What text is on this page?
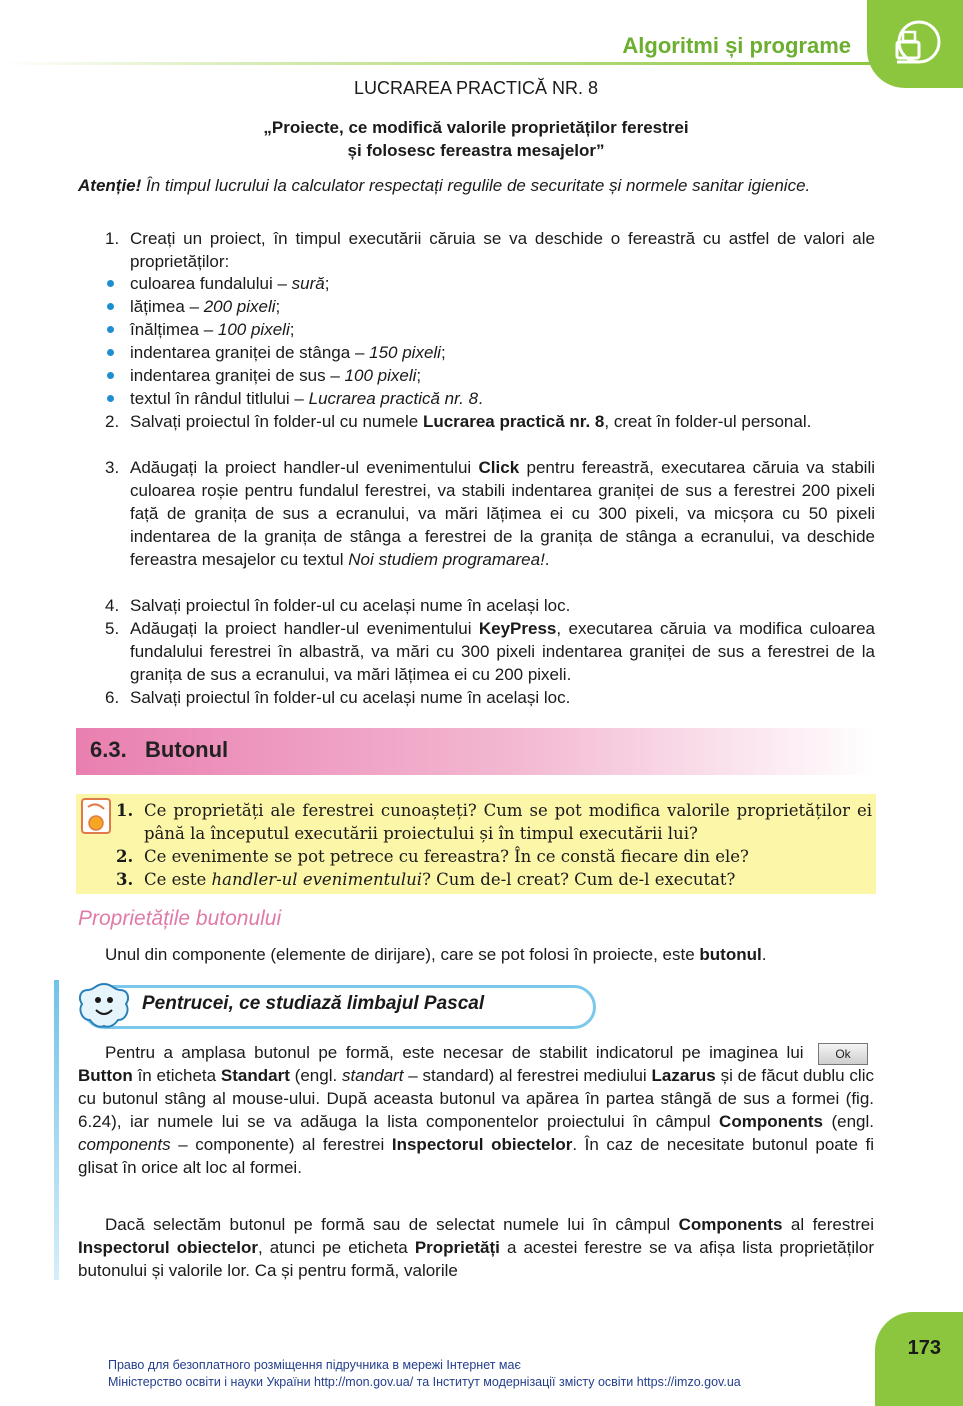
Algoritmi și programe
LUCRAREA PRACTICĂ NR. 8
„Proiecte, ce modifică valorile proprietăților ferestrei
și folosesc fereastra mesajelor”
Atenție! În timpul lucrului la calculator respectați regulile de securitate și normele sanitar igienice.
1. Creați un proiect, în timpul executării căruia se va deschide o fereastră cu astfel de valori ale proprietăților:
culoarea fundalului – sură;
lățimea – 200 pixeli;
înălțimea – 100 pixeli;
indentarea graniței de stânga – 150 pixeli;
indentarea graniței de sus – 100 pixeli;
textul în rândul titlului – Lucrarea practică nr. 8.
2. Salvați proiectul în folder-ul cu numele Lucrarea practică nr. 8, creat în folder-ul personal.
3. Adăugați la proiect handler-ul evenimentului Click pentru fereastră, executarea căruia va stabili culoarea roșie pentru fundalul ferestrei, va stabili indentarea graniței de sus a ferestrei 200 pixeli față de granița de sus a ecranului, va mări lățimea ei cu 300 pixeli, va micșora cu 50 pixeli indentarea de la granița de stânga a ferestrei de la granița de stânga a ecranului, va deschide fereastra mesajelor cu textul Noi studiem programarea!.
4. Salvați proiectul în folder-ul cu același nume în același loc.
5. Adăugați la proiect handler-ul evenimentului KeyPress, executarea căruia va modifica culoarea fundalului ferestrei în albastră, va mări cu 300 pixeli indentarea graniței de sus a ferestrei de la granița de sus a ecranului, va mări lățimea ei cu 200 pixeli.
6. Salvați proiectul în folder-ul cu același nume în același loc.
6.3. Butonul
1. Ce proprietăți ale ferestrei cunoașteți? Cum se pot modifica valorile proprietăților ei până la începutul executării proiectului și în timpul executării lui?
2. Ce evenimente se pot petrece cu fereastra? În ce constă fiecare din ele?
3. Ce este handler-ul evenimentului? Cum de-l creat? Cum de-l executat?
Proprietățile butonului
Unul din componente (elemente de dirijare), care se pot folosi în proiecte, este butonul.
Pentrucei, ce studiază limbajul Pascal
Pentru a amplasa butonul pe formă, este necesar de stabilit indicatorul pe imaginea lui Ok Button în eticheta Standart (engl. standart – standard) al ferestrei mediului Lazarus și de făcut dublu clic cu butonul stâng al mouse-ului. După aceasta butonul va apărea în partea stângă de sus a formei (fig. 6.24), iar numele lui se va adăuga la lista componentelor proiectului în câmpul Components (engl. components – componente) al ferestrei Inspectorul obiectelor. În caz de necesitate butonul poate fi glisat în orice alt loc al formei.
Dacă selectăm butonul pe formă sau de selectat numele lui în câmpul Components al ferestrei Inspectorul obiectelor, atunci pe eticheta Proprietăți a acestei ferestre se va afișa lista proprietăților butonului și valorile lor. Ca și pentru formă, valorile
173
Право для безоплатного розміщення підручника в мережі Інтернет має
Міністерство освіти і науки України http://mon.gov.ua/ та Інститут модернізації змісту освіти https://imzo.gov.ua
